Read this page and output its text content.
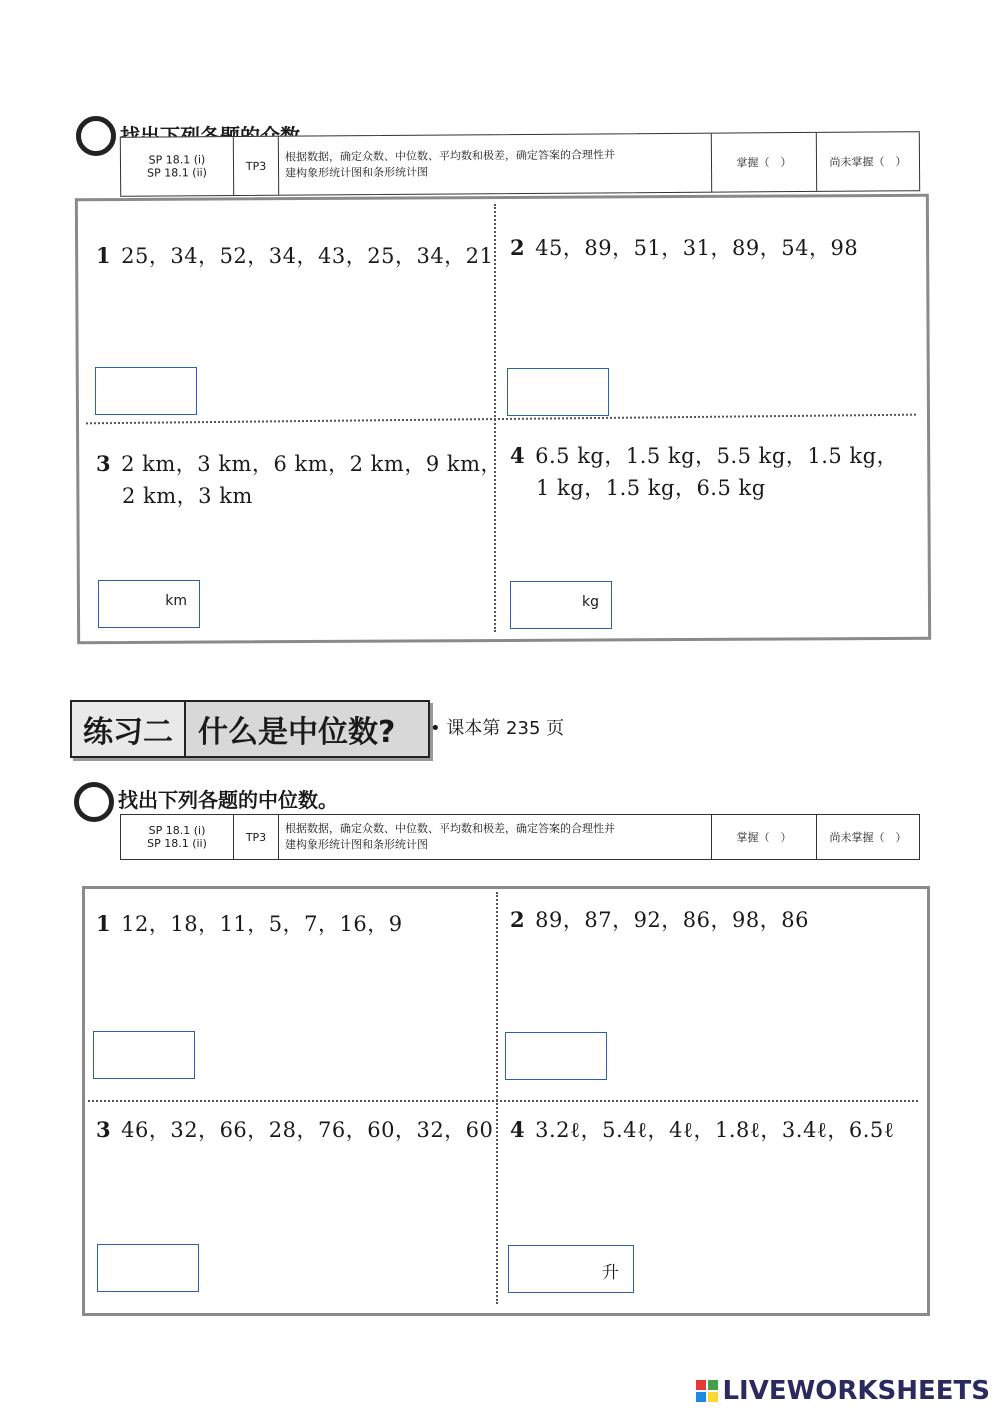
SP 18.1 (i)
SP 18.1 (ii)
TP3
根据数据，确定众数、中位数、平均数和极差，确定答案的合理性并
建构象形统计图和条形统计图
掌握（　）	尚未掌握（　）
1 25，34，52，34，43，25，34，21 2 45，89，51，31，89，54，98
3 2 km，3 km，6 km，2 km，9 km，
2 km，3 km
km
4 6.5 kg，1.5 kg，5.5 kg，1.5 kg，
1 kg，1.5 kg，6.5 kg
kg
练习二 什么是中位数?	• 课本第 235 页
找出下列各题的中位数。
SP 18.1 (i)
SP 18.1 (ii)	TP3
根据数据，确定众数、中位数、平均数和极差，确定答案的合理性并
建构象形统计图和条形统计图
掌握（　）	尚未掌握（　）
1 12，18，11，5，7，16，9	2 89，87，92，86，98，86
3 46，32，66，28，76，60，32，60 4 3.2ℓ，5.4ℓ，4ℓ，1.8ℓ，3.4ℓ，6.5ℓ
升
LIVEWORKSHEETS
